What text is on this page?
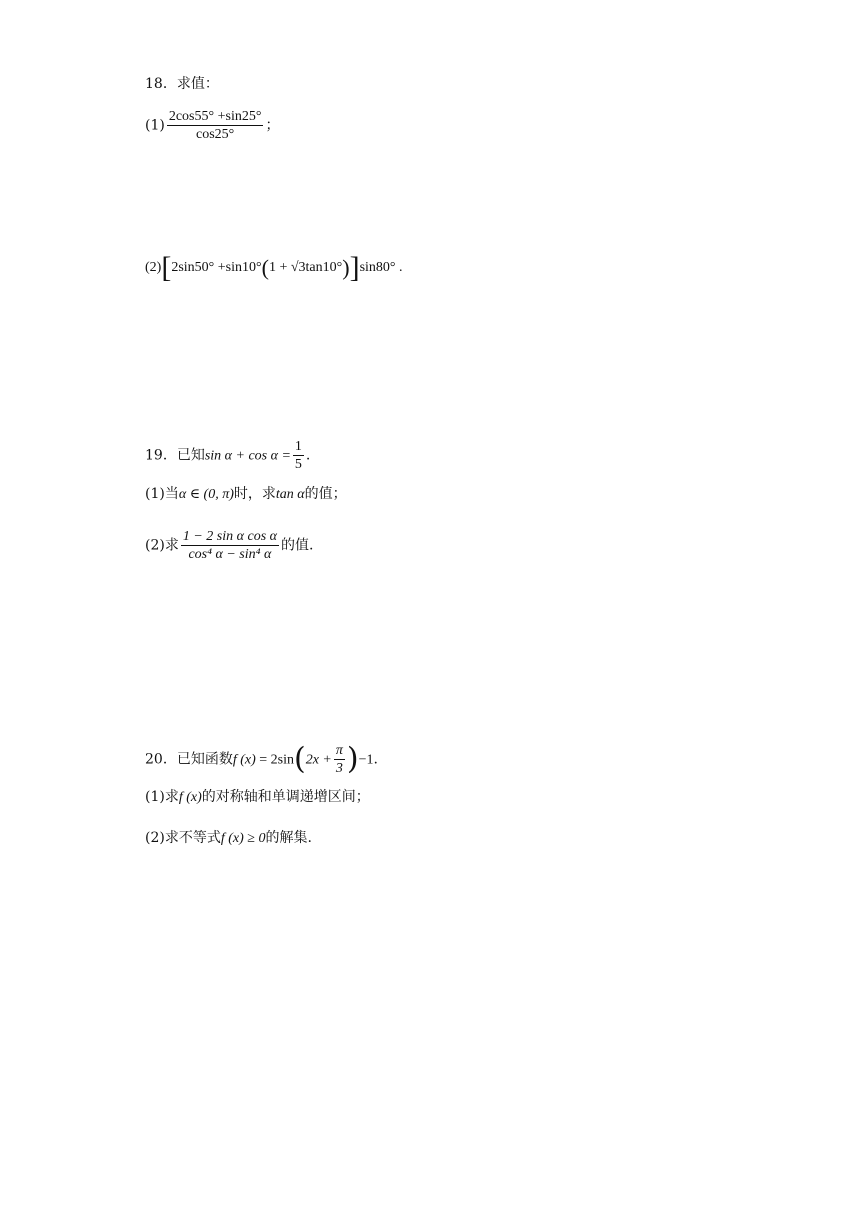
18．求值：
$(1) \frac{2\cos 55^\circ +\sin 25^\circ}{\cos 25^\circ}$ ；
(2)[2sin50° +sin10°(1 + √3tan10°)]sin80° .
19．已知$\sin \alpha + \cos \alpha = \frac{1}{5}$ .
(1)当α ∈ (0, π)时，求tan α的值；
(2)求 $\frac{\text{1 − 2 sin α cos α}}{\text{cos⁴ α − sin⁴ α}}$ 的值.
20．已知函数f $(x) = 2\sin(2x + \frac{\pi}{3} )-1$.
(1)求f (x)的对称轴和单调递增区间；
(2)求不等式f (x) ≥ 0的解集.
